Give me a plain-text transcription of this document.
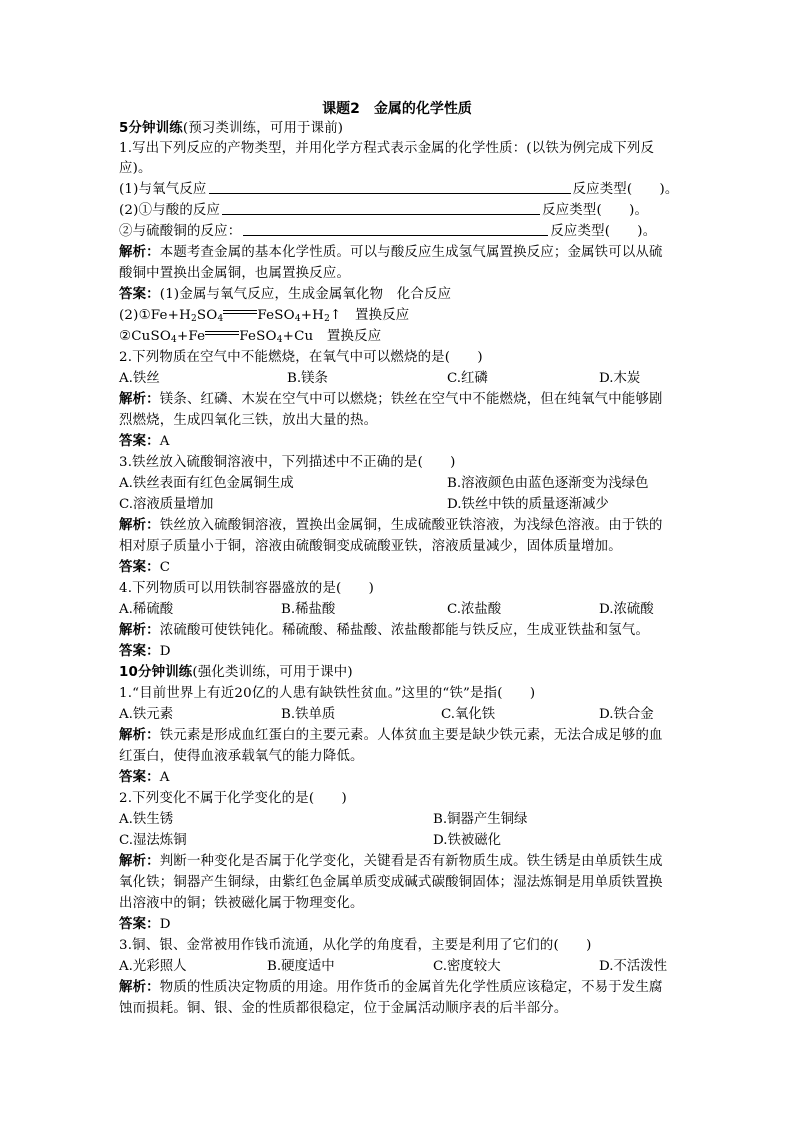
课题2　金属的化学性质
5分钟训练(预习类训练，可用于课前)
1.写出下列反应的产物类型，并用化学方程式表示金属的化学性质：(以铁为例完成下列反
应)。
(1)与氧气反应	反应类型(　　)。
(2)①与酸的反应	反应类型(　　)。
②与硫酸铜的反应：	反应类型(　　)。
解析：本题考查金属的基本化学性质。可以与酸反应生成氢气属置换反应；金属铁可以从硫
酸铜中置换出金属铜，也属置换反应。
答案：(1)金属与氧气反应，生成金属氧化物　化合反应
$(2)①Fe+H_2SO_4$	$FeSO_4+H_2↑$　置换反应
②CuSO$_4$+Fe	FeSO$_4$+Cu　置换反应
2.下列物质在空气中不能燃烧，在氧气中可以燃烧的是(　　)
A.铁丝	B.镁条	C.红磷	D.木炭
解析：镁条、红磷、木炭在空气中可以燃烧；铁丝在空气中不能燃烧，但在纯氧气中能够剧
烈燃烧，生成四氧化三铁，放出大量的热。
答案：A
3.铁丝放入硫酸铜溶液中，下列描述中不正确的是(　　)
A.铁丝表面有红色金属铜生成	B.溶液颜色由蓝色逐渐变为浅绿色
C.溶液质量增加	D.铁丝中铁的质量逐渐减少
解析：铁丝放入硫酸铜溶液，置换出金属铜，生成硫酸亚铁溶液，为浅绿色溶液。由于铁的
相对原子质量小于铜，溶液由硫酸铜变成硫酸亚铁，溶液质量减少，固体质量增加。
答案：C
4.下列物质可以用铁制容器盛放的是(　　)
A.稀硫酸	B.稀盐酸	C.浓盐酸	D.浓硫酸
解析：浓硫酸可使铁钝化。稀硫酸、稀盐酸、浓盐酸都能与铁反应，生成亚铁盐和氢气。
答案：D
10分钟训练(强化类训练，可用于课中)
1.“目前世界上有近20亿的人患有缺铁性贫血。”这里的“铁”是指(　　)
A.铁元素	B.铁单质	C.氧化铁	D.铁合金
解析：铁元素是形成血红蛋白的主要元素。人体贫血主要是缺少铁元素，无法合成足够的血
红蛋白，使得血液承载氧气的能力降低。
答案：A
2.下列变化不属于化学变化的是(　　)
A.铁生锈	B.铜器产生铜绿
C.湿法炼铜	D.铁被磁化
解析：判断一种变化是否属于化学变化，关键看是否有新物质生成。铁生锈是由单质铁生成
氧化铁；铜器产生铜绿，由紫红色金属单质变成碱式碳酸铜固体；湿法炼铜是用单质铁置换
出溶液中的铜；铁被磁化属于物理变化。
答案：D
3.铜、银、金常被用作钱币流通，从化学的角度看，主要是利用了它们的(　　)
A.光彩照人	B.硬度适中	C.密度较大	D.不活泼性
解析：物质的性质决定物质的用途。用作货币的金属首先化学性质应该稳定，不易于发生腐
蚀而损耗。铜、银、金的性质都很稳定，位于金属活动顺序表的后半部分。
